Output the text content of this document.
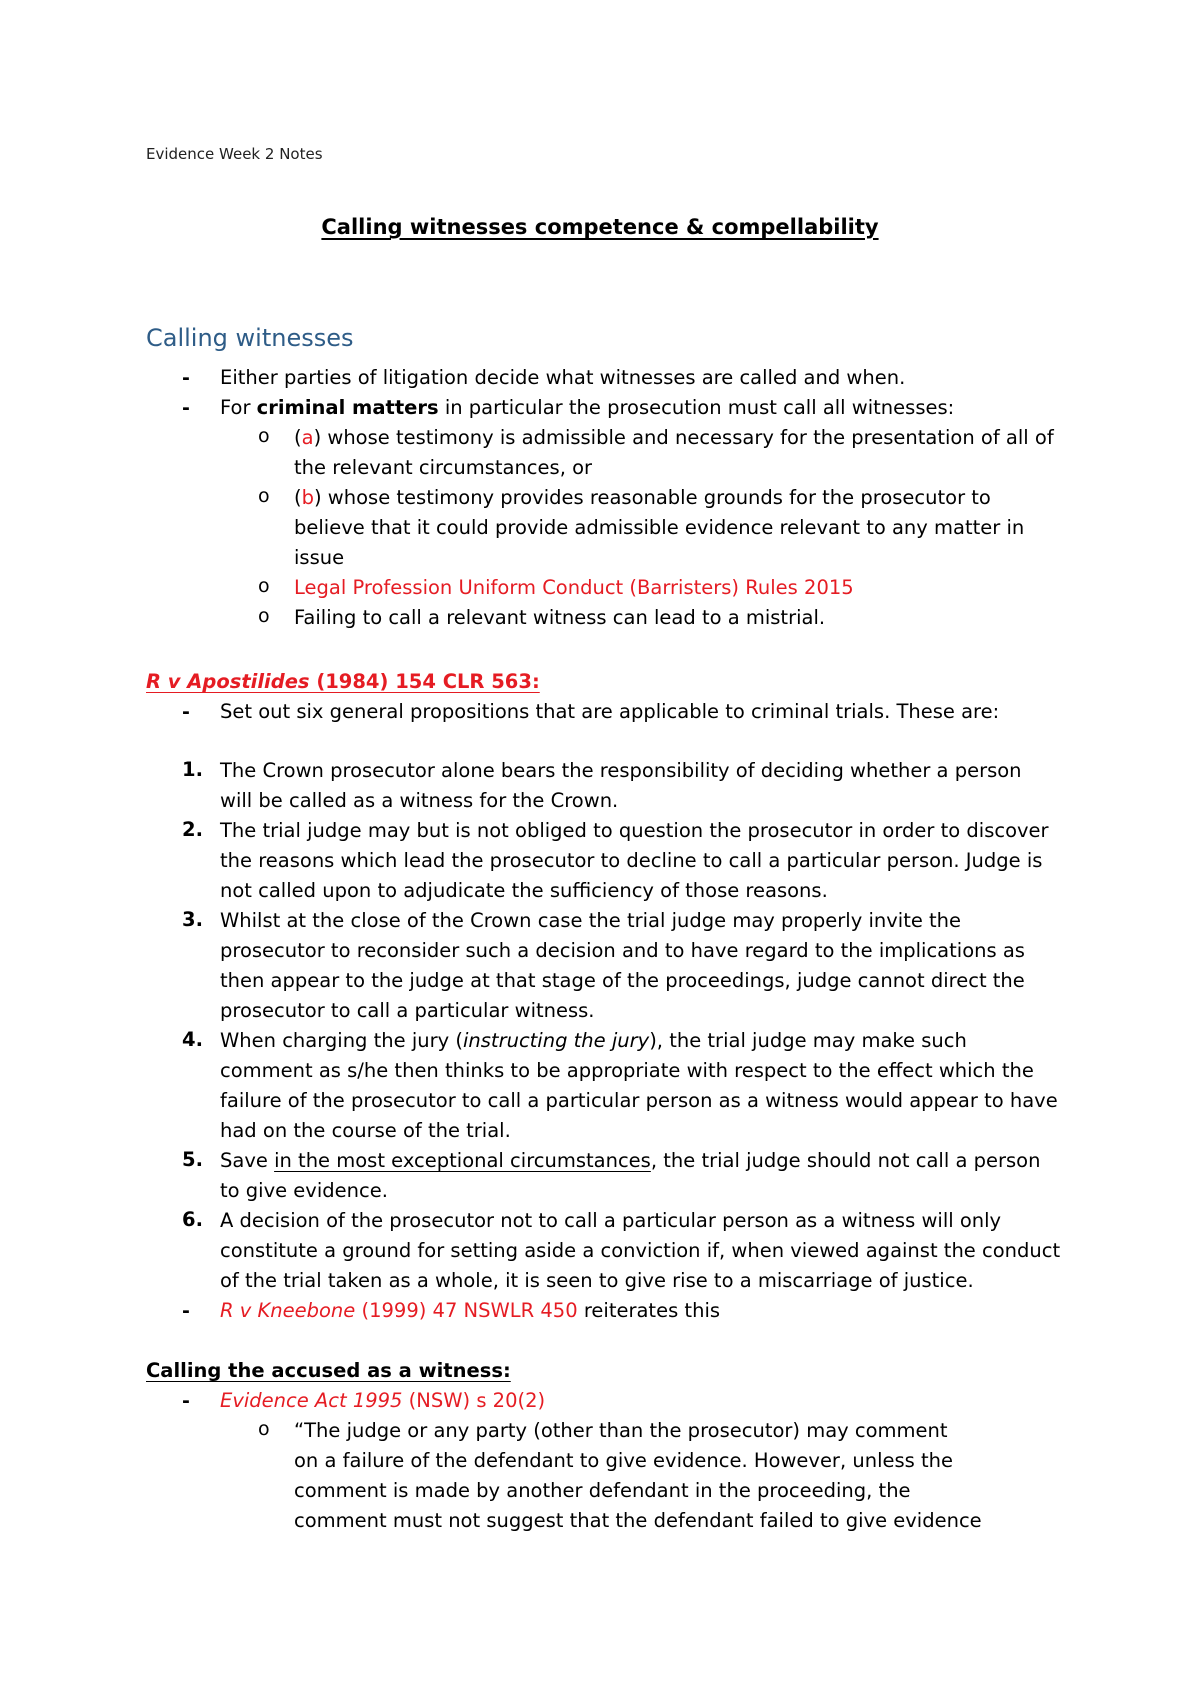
Evidence Week 2 Notes
Calling witnesses competence & compellability
Calling witnesses
- Either parties of litigation decide what witnesses are called and when.
- For criminal matters in particular the prosecution must call all witnesses:
o (a) whose testimony is admissible and necessary for the presentation of all of
the relevant circumstances, or
o (b) whose testimony provides reasonable grounds for the prosecutor to
believe that it could provide admissible evidence relevant to any matter in
issue
o Legal Profession Uniform Conduct (Barristers) Rules 2015
o Failing to call a relevant witness can lead to a mistrial.
R v Apostilides (1984) 154 CLR 563:
- Set out six general propositions that are applicable to criminal trials. These are:
1. The Crown prosecutor alone bears the responsibility of deciding whether a person
will be called as a witness for the Crown.
2. The trial judge may but is not obliged to question the prosecutor in order to discover
the reasons which lead the prosecutor to decline to call a particular person. Judge is
not called upon to adjudicate the sufficiency of those reasons.
3. Whilst at the close of the Crown case the trial judge may properly invite the
prosecutor to reconsider such a decision and to have regard to the implications as
then appear to the judge at that stage of the proceedings, judge cannot direct the
prosecutor to call a particular witness.
4. When charging the jury (instructing the jury), the trial judge may make such
comment as s/he then thinks to be appropriate with respect to the effect which the
failure of the prosecutor to call a particular person as a witness would appear to have
had on the course of the trial.
5. Save in the most exceptional circumstances, the trial judge should not call a person
to give evidence.
6. A decision of the prosecutor not to call a particular person as a witness will only
constitute a ground for setting aside a conviction if, when viewed against the conduct
of the trial taken as a whole, it is seen to give rise to a miscarriage of justice.
- R v Kneebone (1999) 47 NSWLR 450 reiterates this
Calling the accused as a witness:
- Evidence Act 1995 (NSW) s 20(2)
o “The judge or any party (other than the prosecutor) may comment
on a failure of the defendant to give evidence. However, unless the
comment is made by another defendant in the proceeding, the
comment must not suggest that the defendant failed to give evidence
